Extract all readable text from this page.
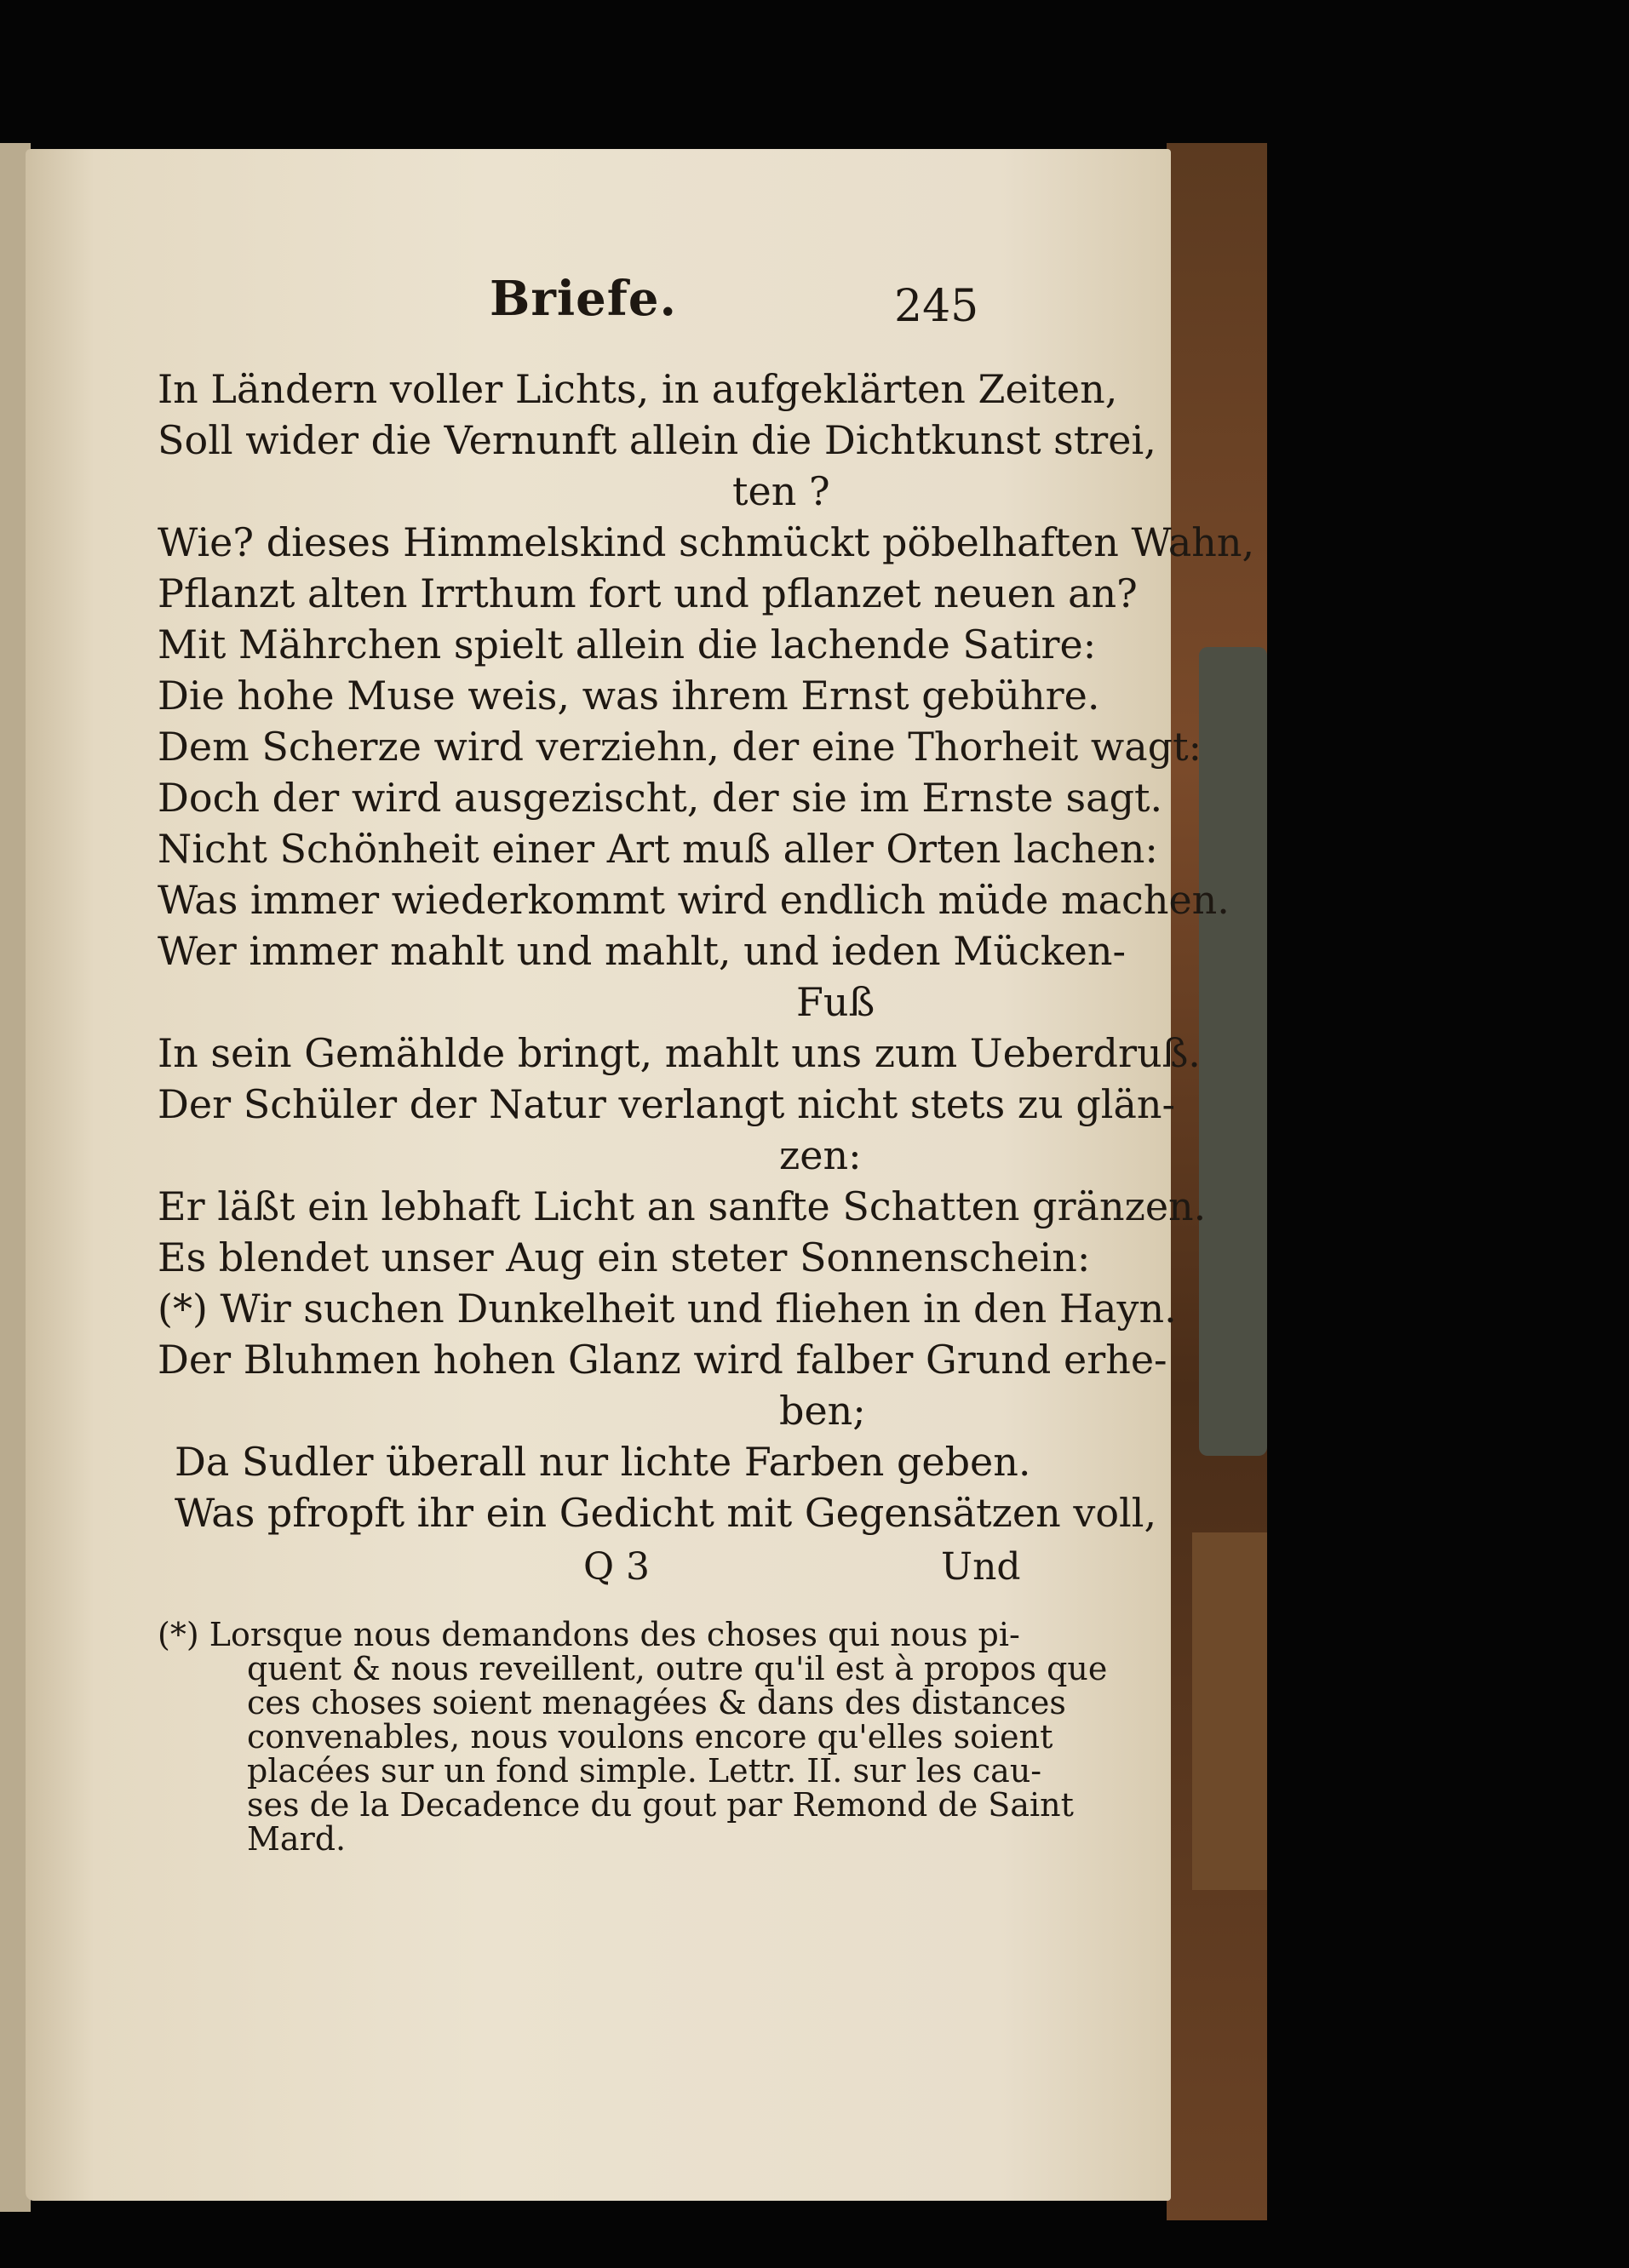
Briefe.	245
In Ländern voller Lichts, in aufgeklärten Zeiten,
Soll wider die Vernunft allein die Dichtkunst strei,
ten ?
Wie? dieses Himmelskind schmückt pöbelhaften Wahn,
Pflanzt alten Irrthum fort und pflanzet neuen an?
Mit Mährchen spielt allein die lachende Satire:
Die hohe Muse weis, was ihrem Ernst gebühre.
Dem Scherze wird verziehn, der eine Thorheit wagt:
Doch der wird ausgezischt, der sie im Ernste sagt.
Nicht Schönheit einer Art muß aller Orten lachen:
Was immer wiederkommt wird endlich müde machen.
Wer immer mahlt und mahlt, und ieden Mücken-
Fuß
In sein Gemählde bringt, mahlt uns zum Ueberdruß.
Der Schüler der Natur verlangt nicht stets zu glän-
zen:
Er läßt ein lebhaft Licht an sanfte Schatten gränzen.
Es blendet unser Aug ein steter Sonnenschein:
(*) Wir suchen Dunkelheit und fliehen in den Hayn.
Der Bluhmen hohen Glanz wird falber Grund erhe-
ben;
Da Sudler überall nur lichte Farben geben.
Was pfropft ihr ein Gedicht mit Gegensätzen voll,
Q 3	Und
(*) Lorsque nous demandons des choses qui nous pi-
quent & nous reveillent, outre qu'il est à propos que
ces choses soient menagées & dans des distances
convenables, nous voulons encore qu'elles soient
placées sur un fond simple. Lettr. II. sur les cau-
ses de la Decadence du gout par Remond de Saint
Mard.
